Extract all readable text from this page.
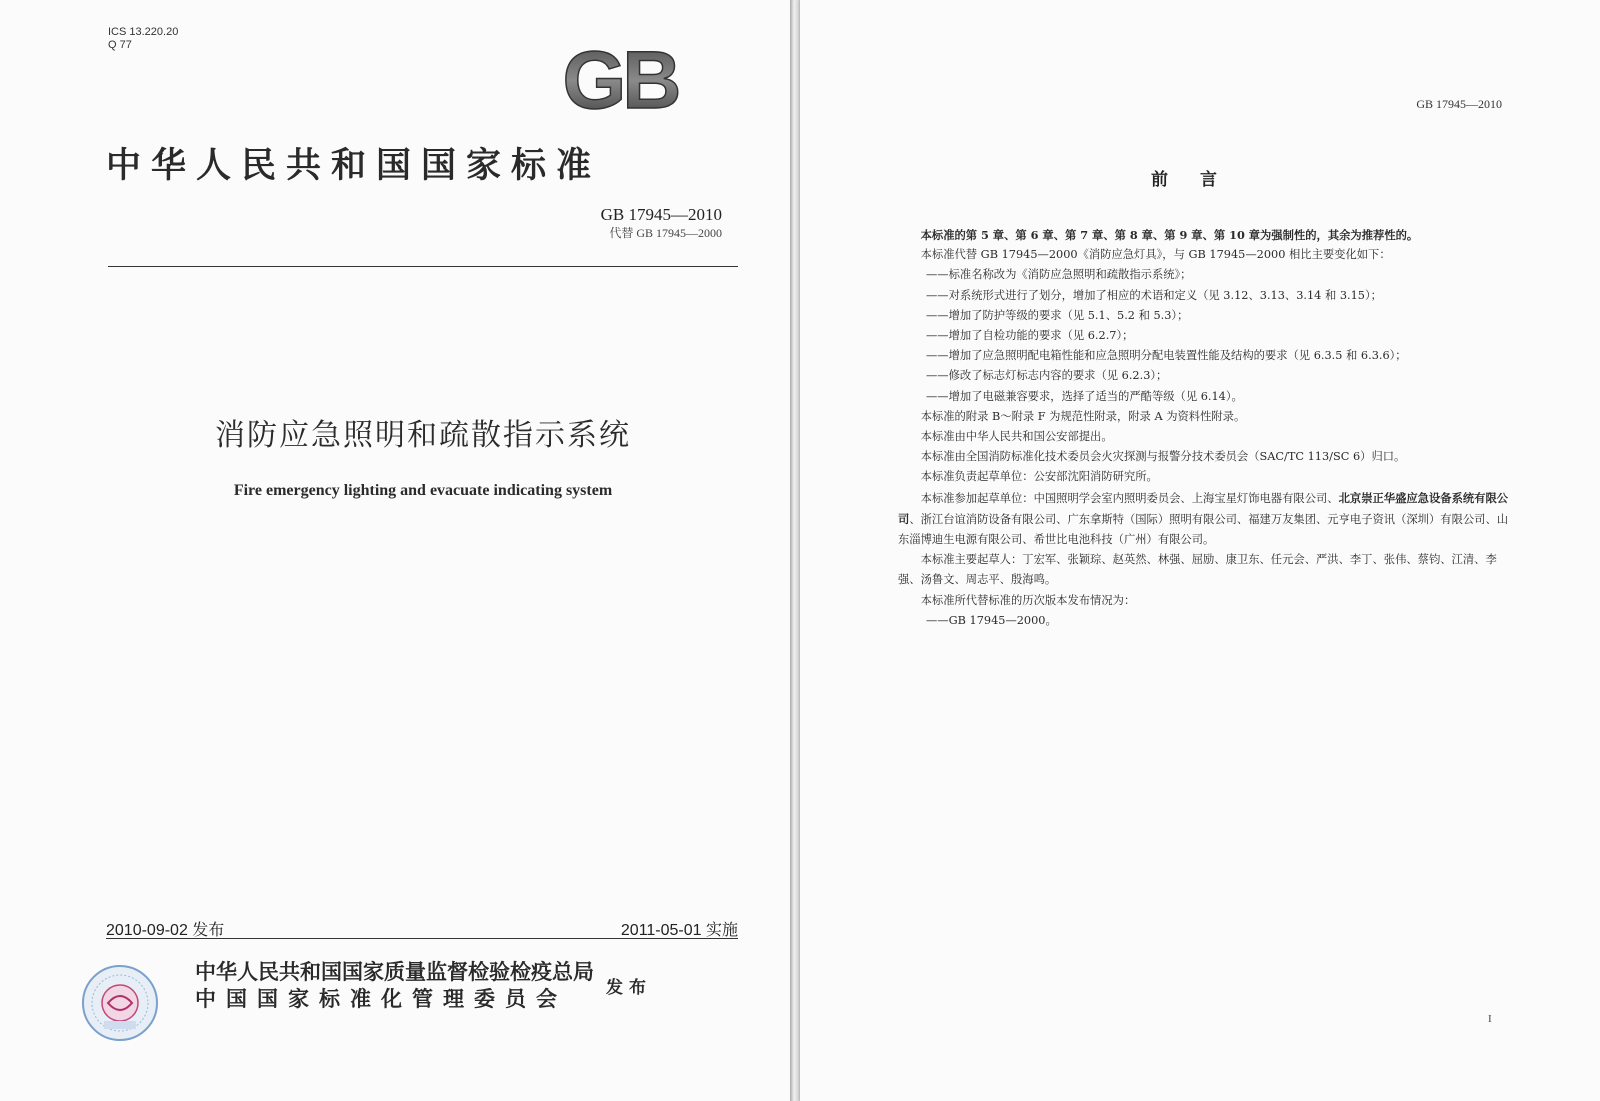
ICS 13.220.20
Q 77	GB
中华人民共和国国家标准
GB 17945—2010
代替 GB 17945—2000
消防应急照明和疏散指示系统
Fire emergency lighting and evacuate indicating system
2010-09-02 发布	2011-05-01 实施
中华人民共和国国家质量监督检验检疫总局
中国国家标准化管理委员会	发布
GB 17945—2010
前言
I

本标准的第 5 章、第 6 章、第 7 章、第 8 章、第 9 章、第 10 章为强制性的，其余为推荐性的。

本标准代替 GB 17945—2000《消防应急灯具》，与 GB 17945—2000 相比主要变化如下：

——标准名称改为《消防应急照明和疏散指示系统》；

——对系统形式进行了划分，增加了相应的术语和定义（见 3.12、3.13、3.14 和 3.15）；

——增加了防护等级的要求（见 5.1、5.2 和 5.3）；

——增加了自检功能的要求（见 6.2.7）；

——增加了应急照明配电箱性能和应急照明分配电装置性能及结构的要求（见 6.3.5 和 6.3.6）；

——修改了标志灯标志内容的要求（见 6.2.3）；

——增加了电磁兼容要求，选择了适当的严酷等级（见 6.14）。

本标准的附录 B～附录 F 为规范性附录，附录 A 为资料性附录。

本标准由中华人民共和国公安部提出。

本标准由全国消防标准化技术委员会火灾探测与报警分技术委员会（SAC/TC 113/SC 6）归口。

本标准负责起草单位：公安部沈阳消防研究所。

本标准参加起草单位：中国照明学会室内照明委员会、上海宝星灯饰电器有限公司、北京崇正华盛应急设备系统有限公司、浙江台谊消防设备有限公司、广东拿斯特（国际）照明有限公司、福建万友集团、元亨电子资讯（深圳）有限公司、山东淄博迪生电源有限公司、希世比电池科技（广州）有限公司。

本标准主要起草人：丁宏军、张颖琮、赵英然、林强、屈励、康卫东、任元会、严洪、李丁、张伟、蔡钧、江清、李强、汤鲁文、周志平、殷海鸣。

本标准所代替标准的历次版本发布情况为：

——GB 17945—2000。
